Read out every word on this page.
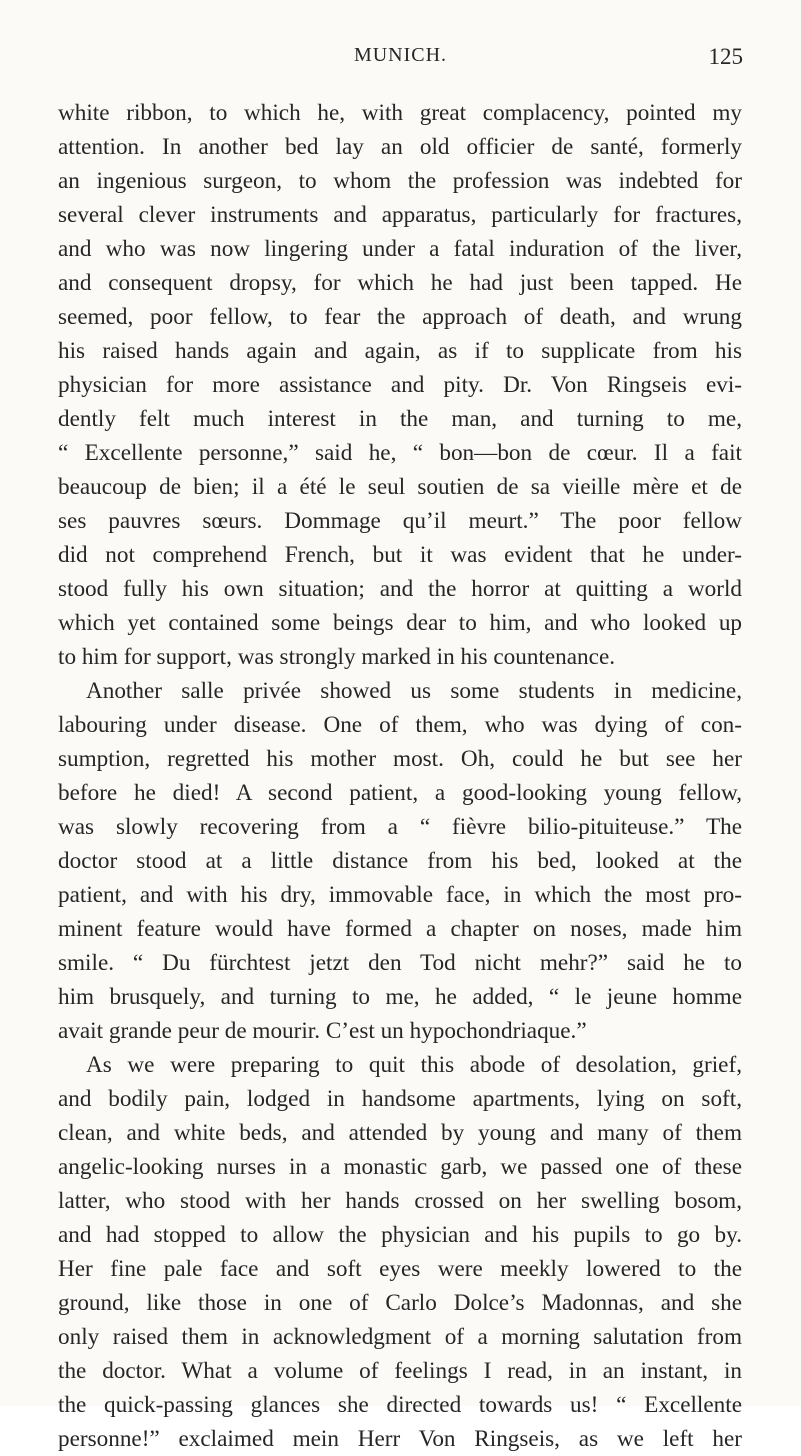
MUNICH.	125
white ribbon, to which he, with great complacency, pointed my
attention. In another bed lay an old officier de santé, formerly
an ingenious surgeon, to whom the profession was indebted for
several clever instruments and apparatus, particularly for fractures,
and who was now lingering under a fatal induration of the liver,
and consequent dropsy, for which he had just been tapped. He
seemed, poor fellow, to fear the approach of death, and wrung
his raised hands again and again, as if to supplicate from his
physician for more assistance and pity. Dr. Von Ringseis evi-
dently felt much interest in the man, and turning to me,
“ Excellente personne,” said he, “ bon—bon de cœur. Il a fait
beaucoup de bien; il a été le seul soutien de sa vieille mère et de
ses pauvres sœurs. Dommage qu’il meurt.” The poor fellow
did not comprehend French, but it was evident that he under-
stood fully his own situation; and the horror at quitting a world
which yet contained some beings dear to him, and who looked up
to him for support, was strongly marked in his countenance.
Another salle privée showed us some students in medicine,
labouring under disease. One of them, who was dying of con-
sumption, regretted his mother most. Oh, could he but see her
before he died! A second patient, a good-looking young fellow,
was slowly recovering from a “ fièvre bilio-pituiteuse.” The
doctor stood at a little distance from his bed, looked at the
patient, and with his dry, immovable face, in which the most pro-
minent feature would have formed a chapter on noses, made him
smile. “ Du fürchtest jetzt den Tod nicht mehr?” said he to
him brusquely, and turning to me, he added, “ le jeune homme
avait grande peur de mourir. C’est un hypochondriaque.”
As we were preparing to quit this abode of desolation, grief,
and bodily pain, lodged in handsome apartments, lying on soft,
clean, and white beds, and attended by young and many of them
angelic-looking nurses in a monastic garb, we passed one of these
latter, who stood with her hands crossed on her swelling bosom,
and had stopped to allow the physician and his pupils to go by.
Her fine pale face and soft eyes were meekly lowered to the
ground, like those in one of Carlo Dolce’s Madonnas, and she
only raised them in acknowledgment of a morning salutation from
the doctor. What a volume of feelings I read, in an instant, in
the quick-passing glances she directed towards us! “ Excellente
personne!” exclaimed mein Herr Von Ringseis, as we left her
